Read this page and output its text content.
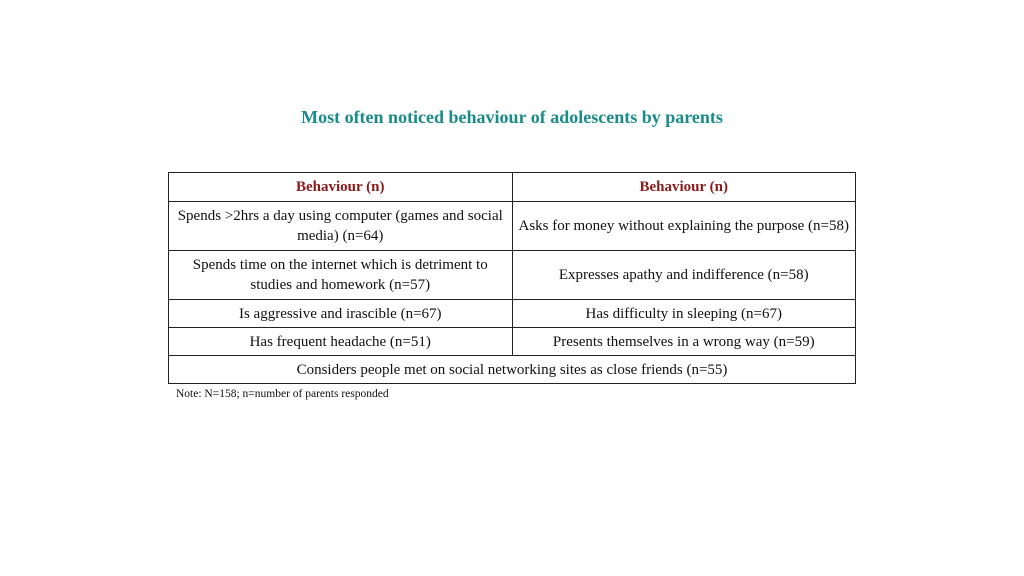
Most often noticed behaviour of adolescents by parents
Behaviour (n)	Behaviour (n)
Spends >2hrs a day using computer (games and social media) (n=64)	Asks for money without explaining the purpose (n=58)
Spends time on the internet which is detriment to studies and homework (n=57)	Expresses apathy and indifference (n=58)
Is aggressive and irascible (n=67)	Has difficulty in sleeping (n=67)
Has frequent headache (n=51)	Presents themselves in a wrong way (n=59)
Considers people met on social networking sites as close friends (n=55)	
Note: N=158; n=number of parents responded
